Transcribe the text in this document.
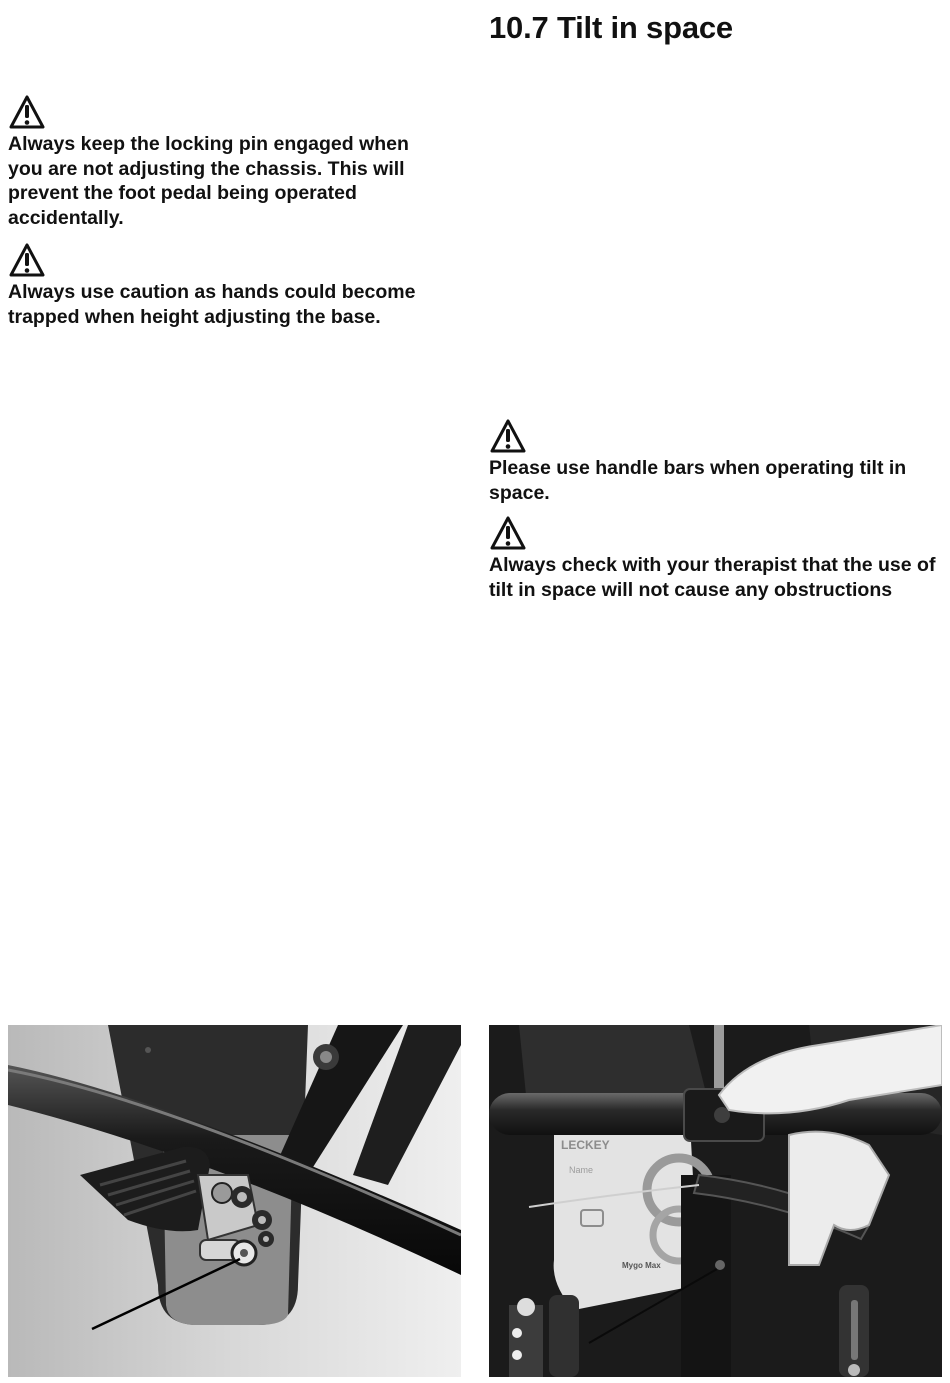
Always keep the locking pin engaged when you are not adjusting the chassis. This will prevent the foot pedal being operated accidentally.

Always use caution as hands could become trapped when height adjusting the base.

10.7 Tilt in space

Please use handle bars when operating tilt in space.

Always check with your therapist that the use of tilt in space will not cause any obstructions

LECKEY
Name
Mygo Max
